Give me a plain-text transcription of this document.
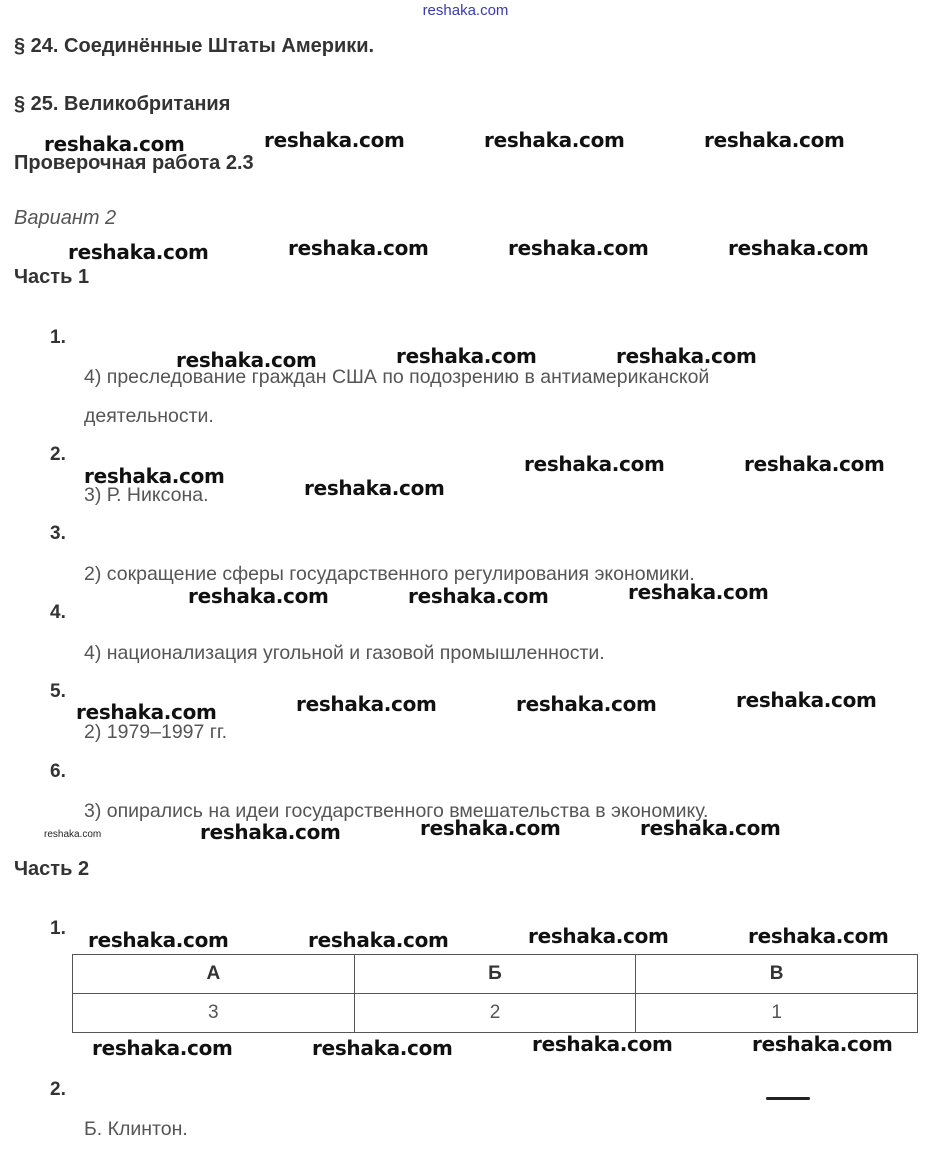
reshaka.com
§ 24. Соединённые Штаты Америки.
§ 25. Великобритания
Проверочная работа 2.3
Вариант 2
Часть 1
1.
4) преследование граждан США по подозрению в антиамериканской
деятельности.
2.
3) Р. Никсона.
3.
2) сокращение сферы государственного регулирования экономики.
4.
4) национализация угольной и газовой промышленности.
5.
2) 1979–1997 гг.
6.
3) опирались на идеи государственного вмешательства в экономику.
Часть 2
1.
А	Б	В
3	2	1
2.
Б. Клинтон.
reshaka.com	reshaka.com	reshaka.com	reshaka.com
reshaka.com	reshaka.com	reshaka.com	reshaka.com
reshaka.com	reshaka.com	reshaka.com
reshaka.com	reshaka.com
reshaka.com	reshaka.com
reshaka.com	reshaka.com	reshaka.com
reshaka.com	reshaka.com	reshaka.com	reshaka.com
reshaka.com	reshaka.com	reshaka.com	reshaka.com
reshaka.com	reshaka.com	reshaka.com	reshaka.com
reshaka.com	reshaka.com	reshaka.com	reshaka.com
